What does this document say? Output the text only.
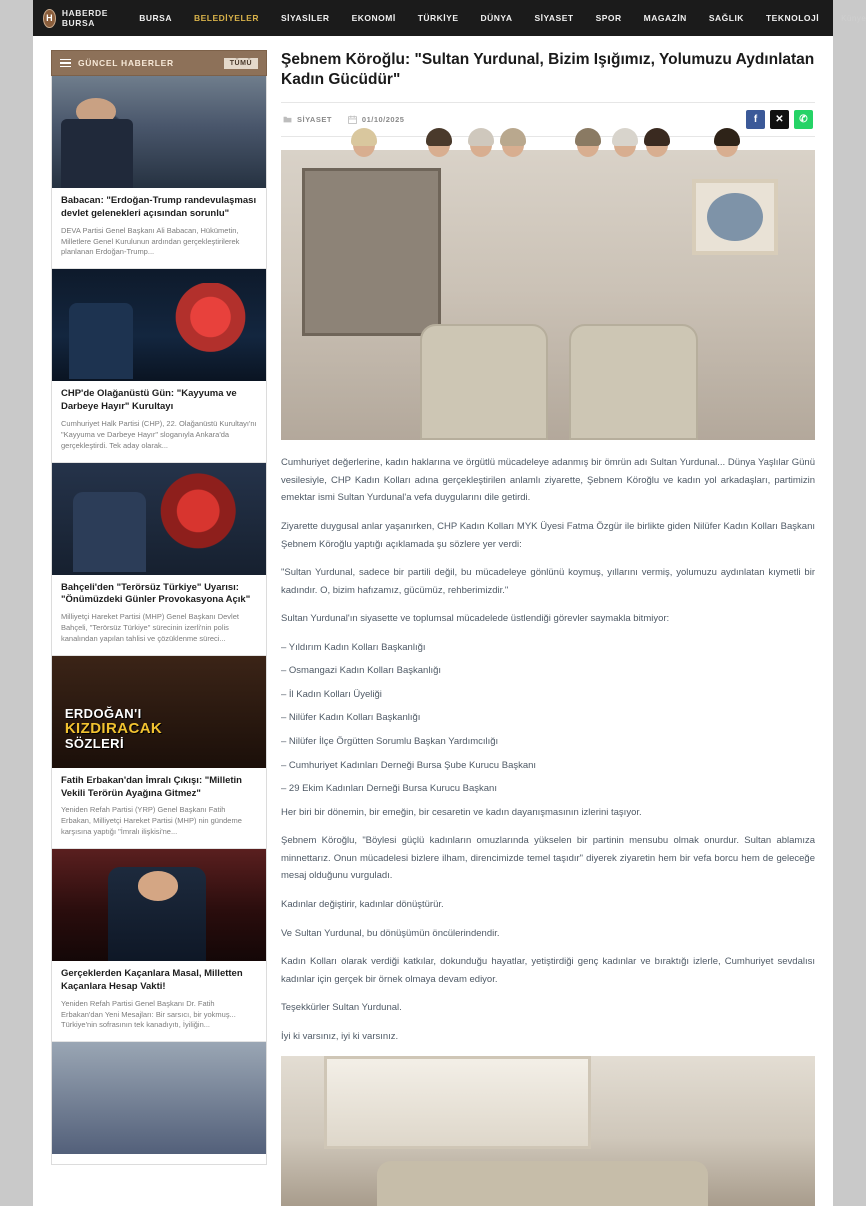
H	HABERDE BURSA	BURSA	BELEDİYELER	SİYASİLER	EKONOMİ	TÜRKİYE	DÜNYA	SİYASET	SPOR	MAGAZİN	SAĞLIK	TEKNOLOJİ	Künye
GÜNCEL HABERLER	TÜMÜ
Babacan: "Erdoğan-Trump randevulaşması devlet gelenekleri açısından sorunlu"

DEVA Partisi Genel Başkanı Ali Babacan, Hükümetin, Milletlere Genel Kurulunun ardından gerçekleştirilerek planlanan Erdoğan-Trump...

CHP'de Olağanüstü Gün: "Kayyuma ve Darbeye Hayır" Kurultayı

Cumhuriyet Halk Partisi (CHP), 22. Olağanüstü Kurultayı'nı "Kayyuma ve Darbeye Hayır" sloganıyla Ankara'da gerçekleştirdi. Tek aday olarak...

Bahçeli'den "Terörsüz Türkiye" Uyarısı: "Önümüzdeki Günler Provokasyona Açık"

Milliyetçi Hareket Partisi (MHP) Genel Başkanı Devlet Bahçeli, "Terörsüz Türkiye" sürecinin izerli'nin polis kanalından yapılan tahlisi ve çözüklenme süreci...

ERDOĞAN'I
KIZDIRACAK
SÖZLERİ
Fatih Erbakan'dan İmralı Çıkışı: "Milletin Vekili Terörün Ayağına Gitmez"

Yeniden Refah Partisi (YRP) Genel Başkanı Fatih Erbakan, Milliyetçi Hareket Partisi (MHP) nin gündeme karşısına yaptığı "İmralı ilişkisi'ne...

Gerçeklerden Kaçanlara Masal, Milletten Kaçanlara Hesap Vakti!

Yeniden Refah Partisi Genel Başkanı Dr. Fatih Erbakan'dan Yeni Mesajları: Bir sarsıcı, bir yokmuş... Türkiye'nin sofrasının tek kanadıyıtı, İyiliğin...

Şebnem Köroğlu: "Sultan Yurdunal, Bizim Işığımız, Yolumuzu Aydınlatan Kadın Gücüdür"
SİYASET	01/10/2025	f	✕	✆

Cumhuriyet değerlerine, kadın haklarına ve örgütlü mücadeleye adanmış bir ömrün adı Sultan Yurdunal... Dünya Yaşlılar Günü vesilesiyle, CHP Kadın Kolları adına gerçekleştirilen anlamlı ziyarette, Şebnem Köroğlu ve kadın yol arkadaşları, partimizin emektar ismi Sultan Yurdunal'a vefa duygularını dile getirdi.

Ziyarette duygusal anlar yaşanırken, CHP Kadın Kolları MYK Üyesi Fatma Özgür ile birlikte giden Nilüfer Kadın Kolları Başkanı Şebnem Köroğlu yaptığı açıklamada şu sözlere yer verdi:

"Sultan Yurdunal, sadece bir partili değil, bu mücadeleye gönlünü koymuş, yıllarını vermiş, yolumuzu aydınlatan kıymetli bir kadındır. O, bizim hafızamız, gücümüz, rehberimizdir."

Sultan Yurdunal'ın siyasette ve toplumsal mücadelede üstlendiği görevler saymakla bitmiyor:

– Yıldırım Kadın Kolları Başkanlığı

– Osmangazi Kadın Kolları Başkanlığı

– İl Kadın Kolları Üyeliği

– Nilüfer Kadın Kolları Başkanlığı

– Nilüfer İlçe Örgütten Sorumlu Başkan Yardımcılığı

– Cumhuriyet Kadınları Derneği Bursa Şube Kurucu Başkanı

– 29 Ekim Kadınları Derneği Bursa Kurucu Başkanı

Her biri bir dönemin, bir emeğin, bir cesaretin ve kadın dayanışmasının izlerini taşıyor.

Şebnem Köroğlu, "Böylesi güçlü kadınların omuzlarında yükselen bir partinin mensubu olmak onurdur. Sultan ablamıza minnettarız. Onun mücadelesi bizlere ilham, direncimizde temel taşıdır" diyerek ziyaretin hem bir vefa borcu hem de geleceğe mesaj olduğunu vurguladı.

Kadınlar değiştirir, kadınlar dönüştürür.

Ve Sultan Yurdunal, bu dönüşümün öncülerindendir.

Kadın Kolları olarak verdiği katkılar, dokunduğu hayatlar, yetiştirdiği genç kadınlar ve bıraktığı izlerle, Cumhuriyet sevdalısı kadınlar için gerçek bir örnek olmaya devam ediyor.

Teşekkürler Sultan Yurdunal.

İyi ki varsınız, iyi ki varsınız.
